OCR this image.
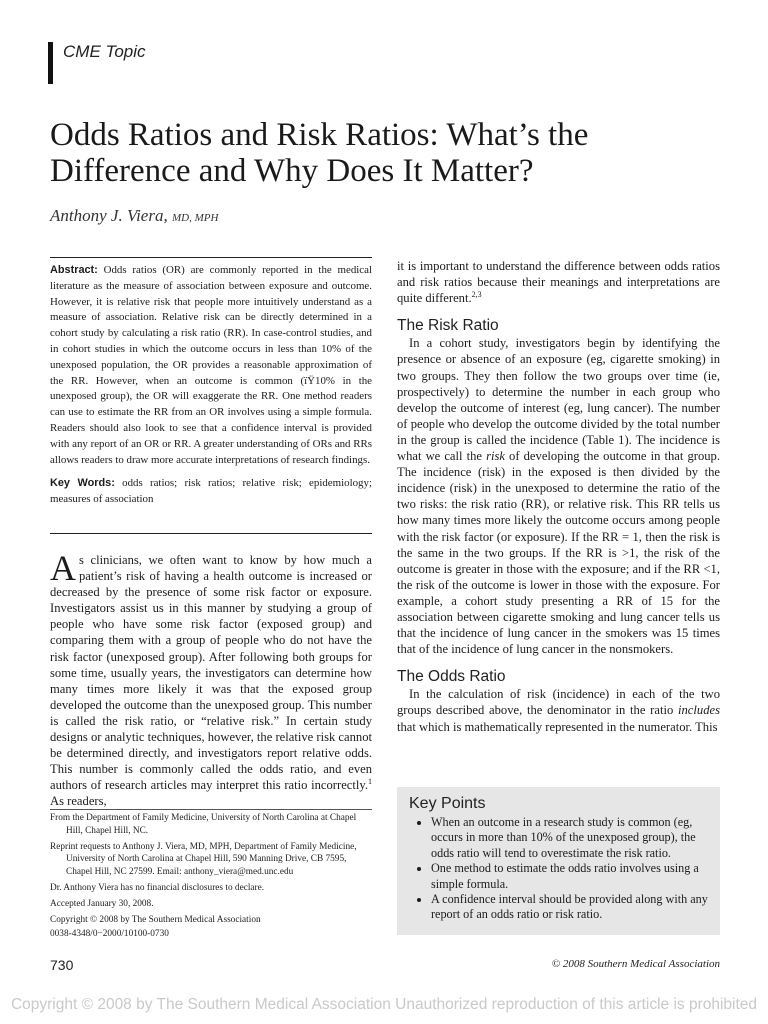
CME Topic
Odds Ratios and Risk Ratios: What’s the Difference and Why Does It Matter?
Anthony J. Viera, MD, MPH

Abstract: Odds ratios (OR) are commonly reported in the medical literature as the measure of association between exposure and outcome. However, it is relative risk that people more intuitively understand as a measure of association. Relative risk can be directly determined in a cohort study by calculating a risk ratio (RR). In case-control studies, and in cohort studies in which the outcome occurs in less than 10% of the unexposed population, the OR provides a reasonable approximation of the RR. However, when an outcome is common (ïŸ10% in the unexposed group), the OR will exaggerate the RR. One method readers can use to estimate the RR from an OR involves using a simple formula. Readers should also look to see that a confidence interval is provided with any report of an OR or RR. A greater understanding of ORs and RRs allows readers to draw more accurate interpretations of research findings.

Key Words: odds ratios; risk ratios; relative risk; epidemiology; measures of association

As clinicians, we often want to know by how much a patient’s risk of having a health outcome is increased or decreased by the presence of some risk factor or exposure. Investigators assist us in this manner by studying a group of people who have some risk factor (exposed group) and comparing them with a group of people who do not have the risk factor (unexposed group). After following both groups for some time, usually years, the investigators can determine how many times more likely it was that the exposed group developed the outcome than the unexposed group. This number is called the risk ratio, or “relative risk.” In certain study designs or analytic techniques, however, the relative risk cannot be determined directly, and investigators report relative odds. This number is commonly called the odds ratio, and even authors of research articles may interpret this ratio incorrectly.$^1$ As readers,

From the Department of Family Medicine, University of North Carolina at Chapel Hill, Chapel Hill, NC.

Reprint requests to Anthony J. Viera, MD, MPH, Department of Family Medicine, University of North Carolina at Chapel Hill, 590 Manning Drive, CB 7595, Chapel Hill, NC 27599. Email: anthony_viera@med.unc.edu

Dr. Anthony Viera has no financial disclosures to declare.

Accepted January 30, 2008.

Copyright © 2008 by The Southern Medical Association

0038-4348/0−2000/10100-0730

it is important to understand the difference between odds ratios and risk ratios because their meanings and interpretations are quite different.$^{2,3}$

The Risk Ratio

In a cohort study, investigators begin by identifying the presence or absence of an exposure (eg, cigarette smoking) in two groups. They then follow the two groups over time (ie, prospectively) to determine the number in each group who develop the outcome of interest (eg, lung cancer). The number of people who develop the outcome divided by the total number in the group is called the incidence (Table 1). The incidence is what we call the risk of developing the outcome in that group. The incidence (risk) in the exposed is then divided by the incidence (risk) in the unexposed to determine the ratio of the two risks: the risk ratio (RR), or relative risk. This RR tells us how many times more likely the outcome occurs among people with the risk factor (or exposure). If the RR = 1, then the risk is the same in the two groups. If the RR is >1, the risk of the outcome is greater in those with the exposure; and if the RR <1, the risk of the outcome is lower in those with the exposure. For example, a cohort study presenting a RR of 15 for the association between cigarette smoking and lung cancer tells us that the incidence of lung cancer in the smokers was 15 times that of the incidence of lung cancer in the nonsmokers.

The Odds Ratio

In the calculation of risk (incidence) in each of the two groups described above, the denominator in the ratio includes that which is mathematically represented in the numerator. This

Key Points
• When an outcome in a research study is common (eg, occurs in more than 10% of the unexposed group), the odds ratio will tend to overestimate the risk ratio.
• One method to estimate the odds ratio involves using a simple formula.
• A confidence interval should be provided along with any report of an odds ratio or risk ratio.
730	© 2008 Southern Medical Association
Copyright © 2008 by The Southern Medical Association Unauthorized reproduction of this article is prohibited
